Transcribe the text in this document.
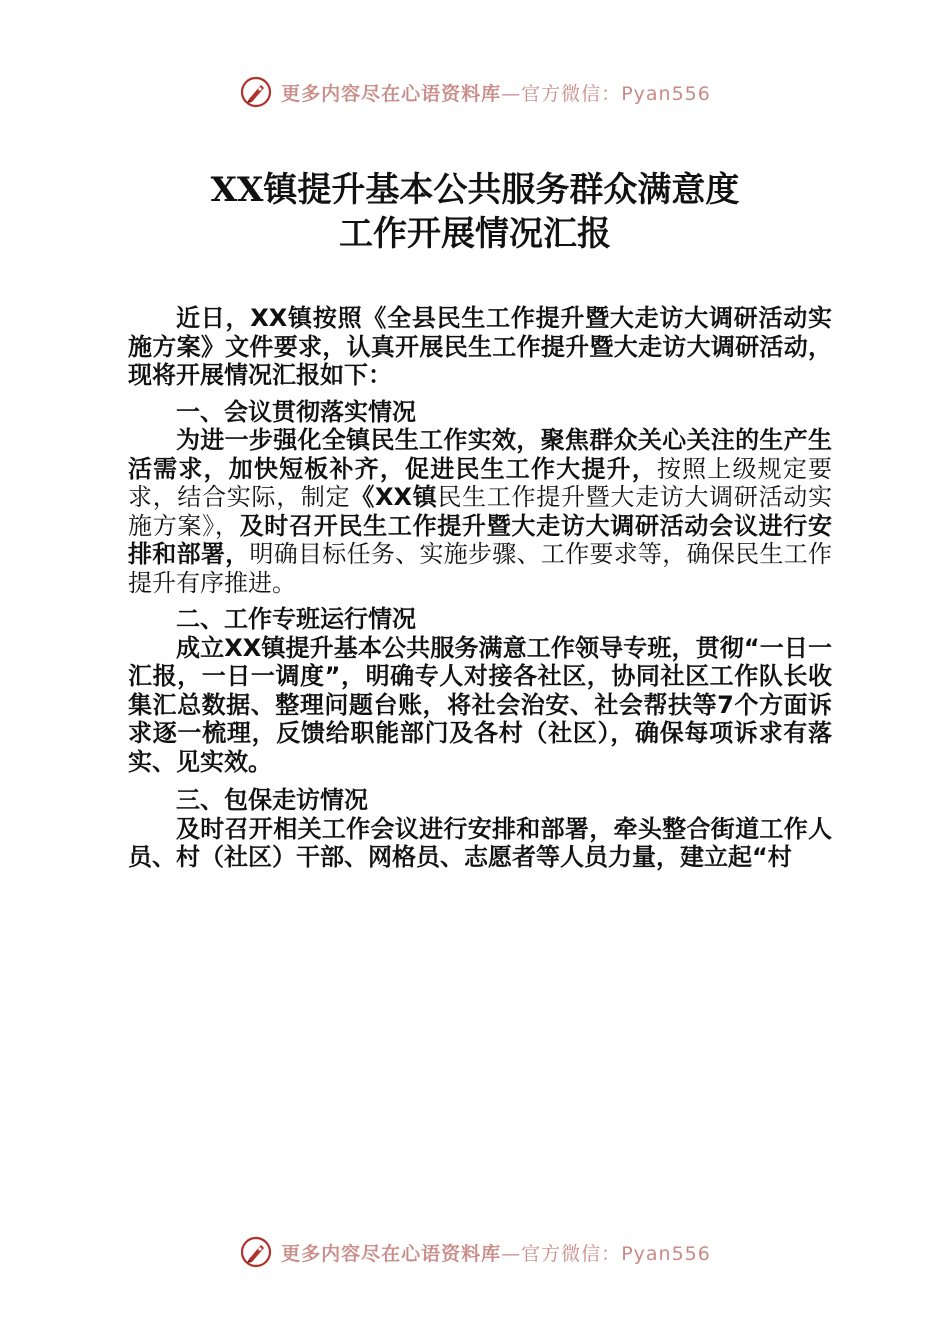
更多内容尽在心语资料库—官方微信：Pyan556
XX镇提升基本公共服务群众满意度
工作开展情况汇报

近日，XX镇按照《全县民生工作提升暨大走访大调研活动实施方案》文件要求，认真开展民生工作提升暨大走访大调研活动，现将开展情况汇报如下：

一、会议贯彻落实情况

为进一步强化全镇民生工作实效，聚焦群众关心关注的生产生活需求，加快短板补齐，促进民生工作大提升，按照上级规定要求，结合实际，制定《XX镇民生工作提升暨大走访大调研活动实施方案》，及时召开民生工作提升暨大走访大调研活动会议进行安排和部署，明确目标任务、实施步骤、工作要求等，确保民生工作提升有序推进。

二、工作专班运行情况

成立XX镇提升基本公共服务满意工作领导专班，贯彻“一日一汇报，一日一调度”，明确专人对接各社区，协同社区工作队长收集汇总数据、整理问题台账，将社会治安、社会帮扶等7个方面诉求逐一梳理，反馈给职能部门及各村（社区），确保每项诉求有落实、见实效。

三、包保走访情况

及时召开相关工作会议进行安排和部署，牵头整合街道工作人员、村（社区）干部、网格员、志愿者等人员力量，建立起“村

更多内容尽在心语资料库—官方微信：Pyan556
